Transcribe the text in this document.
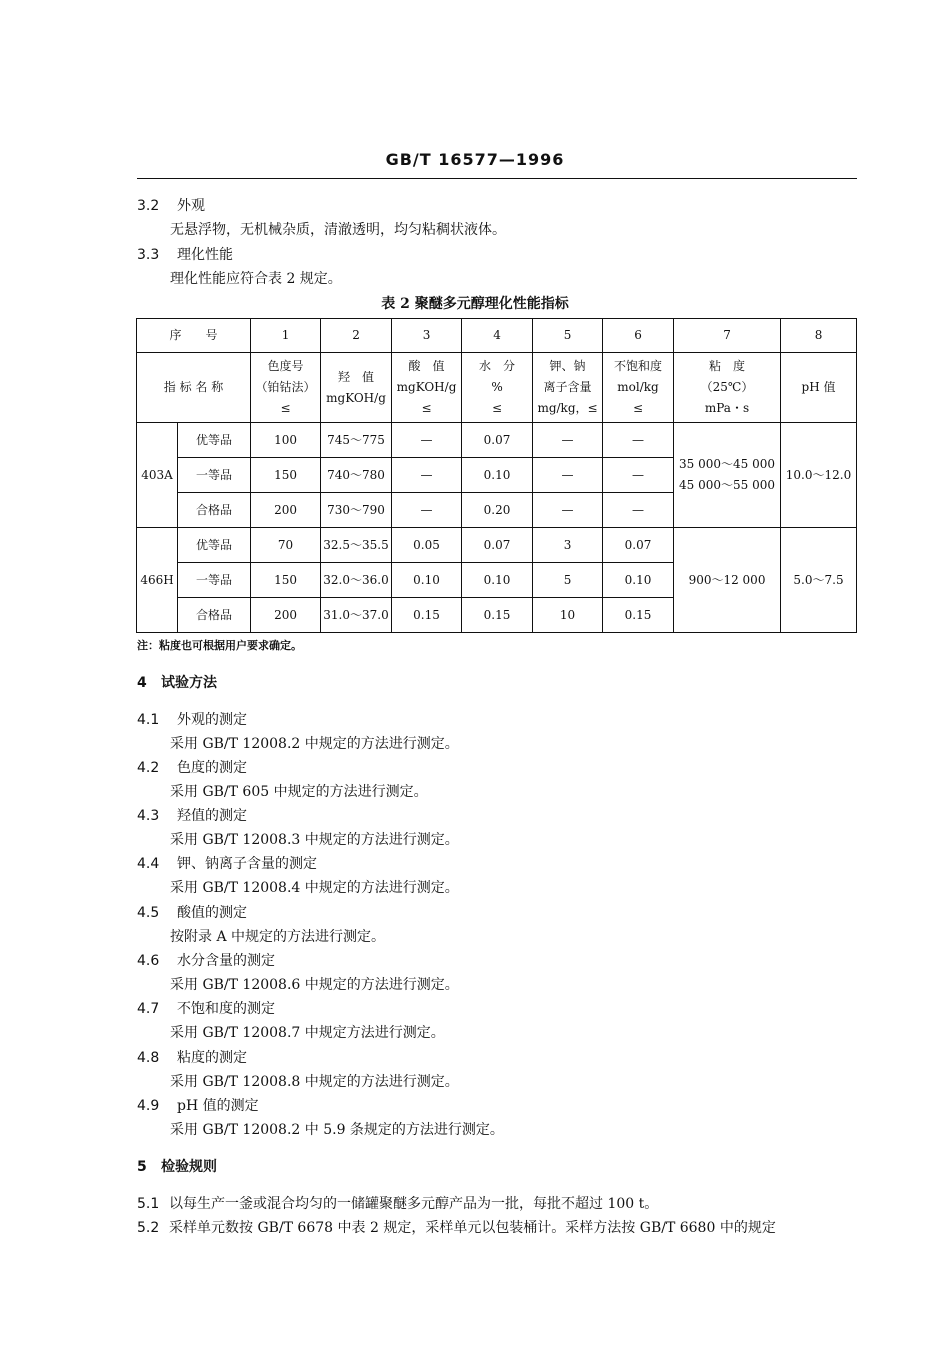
GB/T 16577—1996
3.2 外观
无悬浮物，无机械杂质，清澈透明，均匀粘稠状液体。
3.3 理化性能
理化性能应符合表 2 规定。
表 2 聚醚多元醇理化性能指标
序　　号		1	2	3	4	5	6	7	8
指 标 名 称		色度号
（铂钴法）
≤	羟　值
mgKOH/g	酸　值
mgKOH/g
≤	水　分
%
≤	钾、钠
离子含量
mg/kg，≤	不饱和度
mol/kg
≤	粘　度
（25℃）
mPa・s	pH 值
403A	优等品	100	745～775	—	0.07	—	—	35 000～45 000
45 000～55 000	10.0～12.0
	一等品	150	740～780	—	0.10	—	—		
	合格品	200	730～790	—	0.20	—	—		
466H	优等品	70	32.5～35.5	0.05	0.07	3	0.07	900～12 000	5.0～7.5
	一等品	150	32.0～36.0	0.10	0.10	5	0.10		
	合格品	200	31.0～37.0	0.15	0.15	10	0.15		
注：粘度也可根据用户要求确定。
4 试验方法
4.1 外观的测定
采用 GB/T 12008.2 中规定的方法进行测定。
4.2 色度的测定
采用 GB/T 605 中规定的方法进行测定。
4.3 羟值的测定
采用 GB/T 12008.3 中规定的方法进行测定。
4.4 钾、钠离子含量的测定
采用 GB/T 12008.4 中规定的方法进行测定。
4.5 酸值的测定
按附录 A 中规定的方法进行测定。
4.6 水分含量的测定
采用 GB/T 12008.6 中规定的方法进行测定。
4.7 不饱和度的测定
采用 GB/T 12008.7 中规定方法进行测定。
4.8 粘度的测定
采用 GB/T 12008.8 中规定的方法进行测定。
4.9 pH 值的测定
采用 GB/T 12008.2 中 5.9 条规定的方法进行测定。
5 检验规则
5.1 以每生产一釜或混合均匀的一储罐聚醚多元醇产品为一批，每批不超过 100 t。
5.2 采样单元数按 GB/T 6678 中表 2 规定，采样单元以包装桶计。采样方法按 GB/T 6680 中的规定
